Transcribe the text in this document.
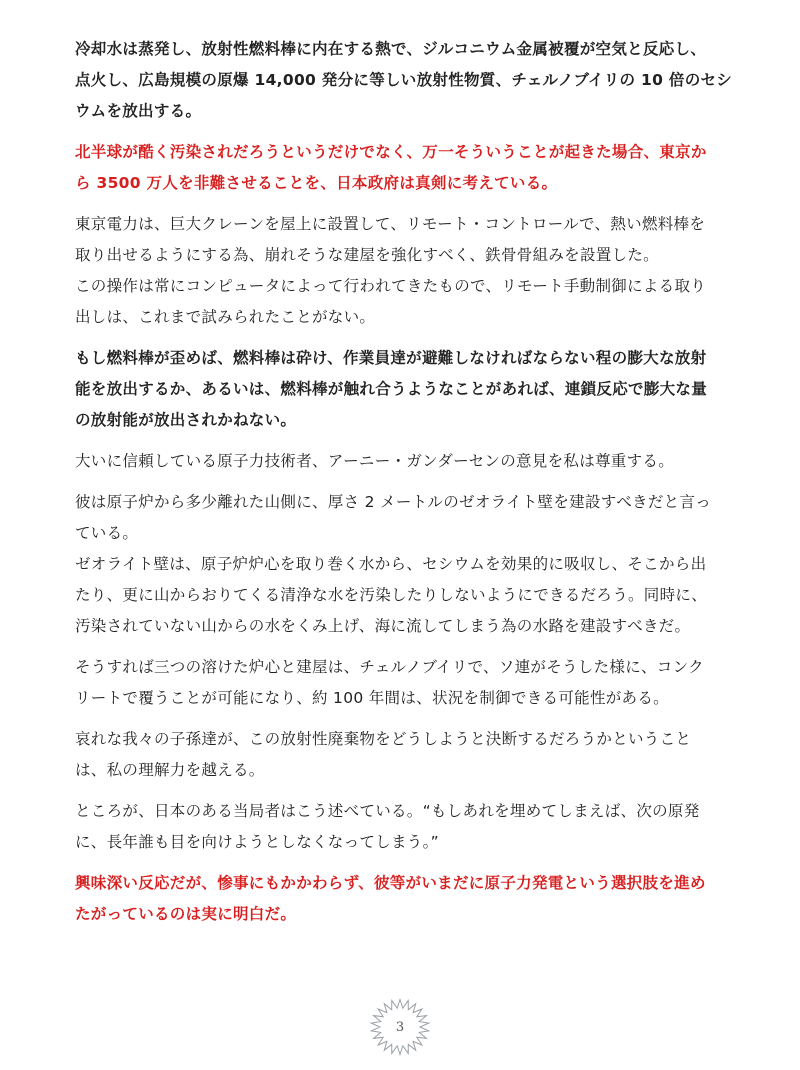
冷却水は蒸発し、放射性燃料棒に内在する熱で、ジルコニウム金属被覆が空気と反応し、
点火し、広島規模の原爆 14,000 発分に等しい放射性物質、チェルノブイリの 10 倍のセシ
ウムを放出する。
北半球が酷く汚染されだろうというだけでなく、万一そういうことが起きた場合、東京か
ら 3500 万人を非難させることを、日本政府は真剣に考えている。
東京電力は、巨大クレーンを屋上に設置して、リモート・コントロールで、熱い燃料棒を
取り出せるようにする為、崩れそうな建屋を強化すべく、鉄骨骨組みを設置した。
この操作は常にコンピュータによって行われてきたもので、リモート手動制御による取り
出しは、これまで試みられたことがない。
もし燃料棒が歪めば、燃料棒は砕け、作業員達が避難しなければならない程の膨大な放射
能を放出するか、あるいは、燃料棒が触れ合うようなことがあれば、連鎖反応で膨大な量
の放射能が放出されかねない。
大いに信頼している原子力技術者、アーニー・ガンダーセンの意見を私は尊重する。
彼は原子炉から多少離れた山側に、厚さ 2 メートルのゼオライト壁を建設すべきだと言っ
ている。
ゼオライト壁は、原子炉炉心を取り巻く水から、セシウムを効果的に吸収し、そこから出
たり、更に山からおりてくる清浄な水を汚染したりしないようにできるだろう。同時に、
汚染されていない山からの水をくみ上げ、海に流してしまう為の水路を建設すべきだ。
そうすれば三つの溶けた炉心と建屋は、チェルノブイリで、ソ連がそうした様に、コンク
リートで覆うことが可能になり、約 100 年間は、状況を制御できる可能性がある。
哀れな我々の子孫達が、この放射性廃棄物をどうしようと決断するだろうかということ
は、私の理解力を越える。
ところが、日本のある当局者はこう述べている。“もしあれを埋めてしまえば、次の原発
に、長年誰も目を向けようとしなくなってしまう。”
興味深い反応だが、惨事にもかかわらず、彼等がいまだに原子力発電という選択肢を進め
たがっているのは実に明白だ。
3
